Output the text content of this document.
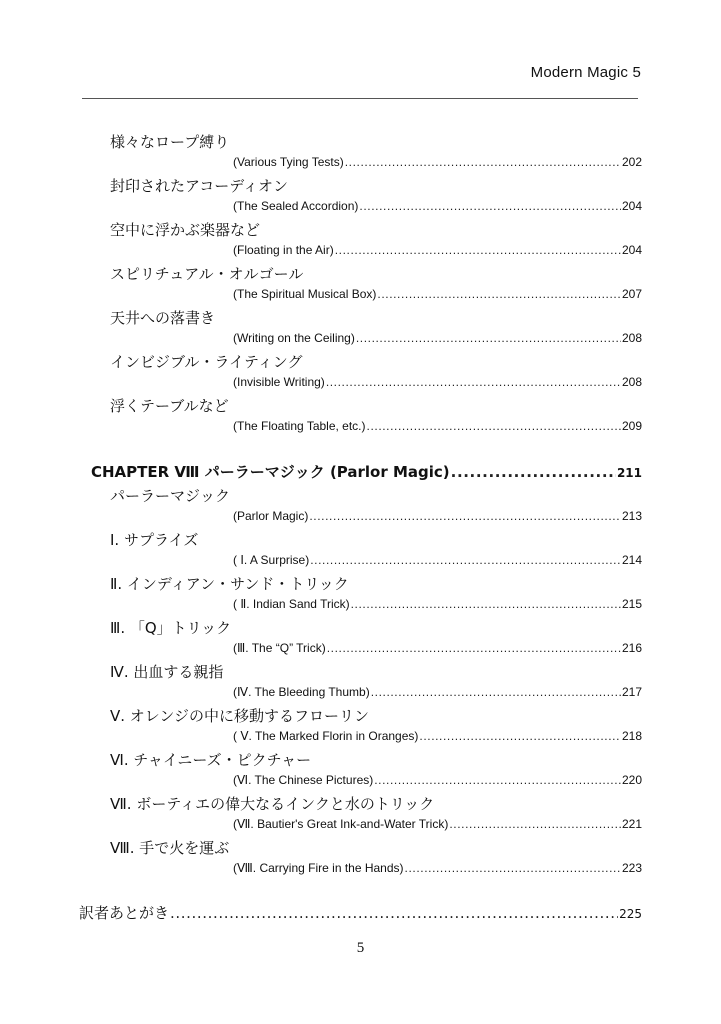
Modern Magic 5
様々なロープ縛り
(Various Tying Tests) .....	202
封印されたアコーディオン
(The Sealed Accordion) .....	204
空中に浮かぶ楽器など
(Floating in the Air) .....	204
スピリチュアル・オルゴール
(The Spiritual Musical Box) .....	207
天井への落書き
(Writing on the Ceiling) .....	208
インビジブル・ライティング
(Invisible Writing) .....	208
浮くテーブルなど
(The Floating Table, etc.) .....	209
CHAPTER Ⅷ パーラーマジック (Parlor Magic) .....	211
パーラーマジック
(Parlor Magic) .....	213
Ⅰ. サプライズ
( Ⅰ. A Surprise) .....	214
Ⅱ. インディアン・サンド・トリック
( Ⅱ. Indian Sand Trick) .....	215
Ⅲ. 「Q」トリック
(Ⅲ. The “Q” Trick) .....	216
Ⅳ. 出血する親指
(Ⅳ. The Bleeding Thumb) .....	217
Ⅴ. オレンジの中に移動するフローリン
( Ⅴ. The Marked Florin in Oranges) .....	218
Ⅵ. チャイニーズ・ピクチャー
(Ⅵ. The Chinese Pictures) .....	220
Ⅶ. ボーティエの偉大なるインクと水のトリック
(Ⅶ. Bautier's Great Ink-and-Water Trick) .....	221
Ⅷ. 手で火を運ぶ
(Ⅷ. Carrying Fire in the Hands) .....	223
訳者あとがき .....	225
5
